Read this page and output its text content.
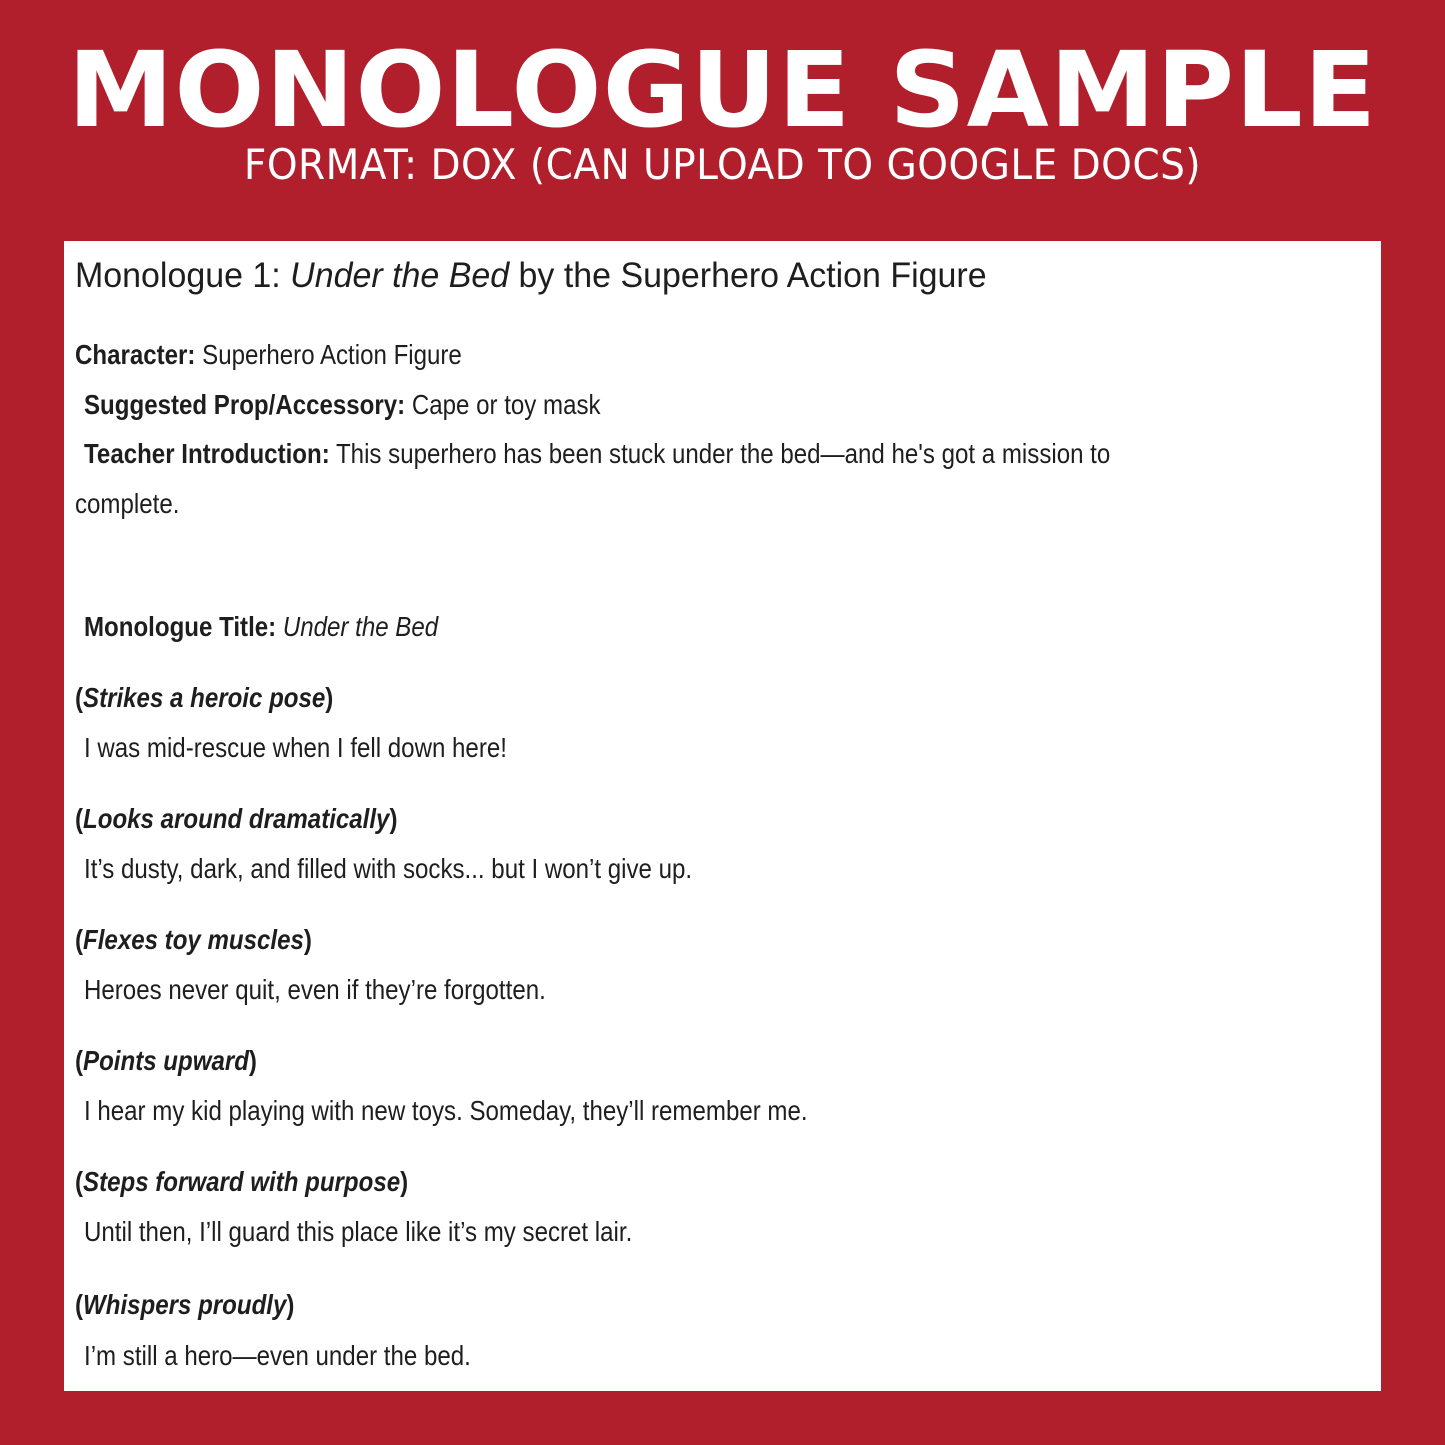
MONOLOGUE SAMPLE
FORMAT: DOX (CAN UPLOAD TO GOOGLE DOCS)
Monologue 1: Under the Bed by the Superhero Action Figure
Character: Superhero Action Figure
Suggested Prop/Accessory: Cape or toy mask
Teacher Introduction: This superhero has been stuck under the bed—and he's got a mission to
complete.
Monologue Title: Under the Bed
(Strikes a heroic pose)
I was mid-rescue when I fell down here!
(Looks around dramatically)
It’s dusty, dark, and filled with socks... but I won’t give up.
(Flexes toy muscles)
Heroes never quit, even if they’re forgotten.
(Points upward)
I hear my kid playing with new toys. Someday, they’ll remember me.
(Steps forward with purpose)
Until then, I’ll guard this place like it’s my secret lair.
(Whispers proudly)
I’m still a hero—even under the bed.
